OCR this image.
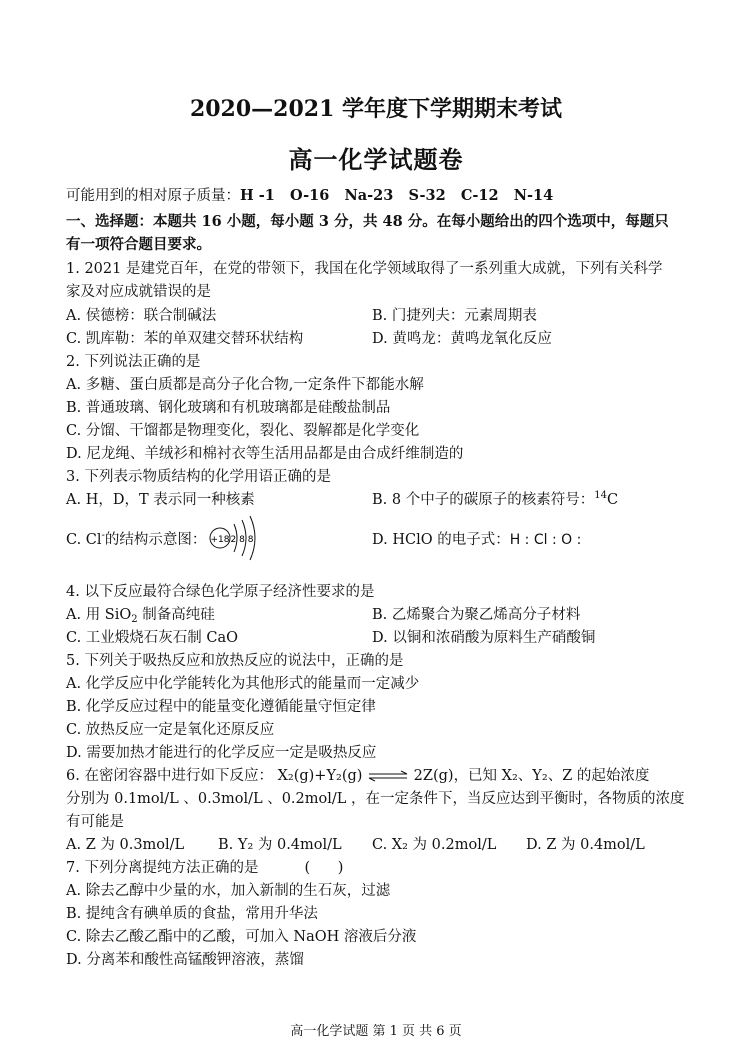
2020—2021 学年度下学期期末考试
高一化学试题卷
可能用到的相对原子质量：H -1   O-16   Na-23   S-32   C-12   N-14
一、选择题：本题共 16 小题，每小题 3 分，共 48 分。在每小题给出的四个选项中，每题只
有一项符合题目要求。
1. 2021 是建党百年，在党的带领下，我国在化学领域取得了一系列重大成就，下列有关科学
家及对应成就错误的是
A. 侯德榜：联合制碱法	B. 门捷列夫：元素周期表
C. 凯库勒：苯的单双建交替环状结构	D. 黄鸣龙：黄鸣龙氧化反应
2. 下列说法正确的是
A. 多糖、蛋白质都是高分子化合物,一定条件下都能水解
B. 普通玻璃、钢化玻璃和有机玻璃都是硅酸盐制品
C. 分馏、干馏都是物理变化，裂化、裂解都是化学变化
D. 尼龙绳、羊绒衫和棉衬衣等生活用品都是由合成纤维制造的
3. 下列表示物质结构的化学用语正确的是
A. H，D，T 表示同一种核素	B. 8 个中子的碳原子的核素符号：$^{14}$C
C. Cl-的结构示意图： +18 2 8 8	D. HClO 的电子式：H : Cl : O :
4. 以下反应最符合绿色化学原子经济性要求的是
A. 用 SiO$_2$ 制备高纯硅	B. 乙烯聚合为聚乙烯高分子材料
C. 工业煅烧石灰石制 CaO	D. 以铜和浓硝酸为原料生产硝酸铜
5. 下列关于吸热反应和放热反应的说法中，正确的是
A. 化学反应中化学能转化为其他形式的能量而一定减少
B. 化学反应过程中的能量变化遵循能量守恒定律
C. 放热反应一定是氧化还原反应
D. 需要加热才能进行的化学反应一定是吸热反应
6. 在密闭容器中进行如下反应： X₂(g)+Y₂(g) ⇌ 2Z(g)，已知 X₂、Y₂、Z 的起始浓度
分别为 0.1mol/L 、0.3mol/L 、0.2mol/L ，在一定条件下，当反应达到平衡时，各物质的浓度
有可能是
A. Z 为 0.3mol/L B. Y₂ 为 0.4mol/L C. X₂ 为 0.2mol/L D. Z 为 0.4mol/L
7. 下列分离提纯方法正确的是	(      )
A. 除去乙醇中少量的水，加入新制的生石灰，过滤
B. 提纯含有碘单质的食盐，常用升华法
C. 除去乙酸乙酯中的乙酸，可加入 NaOH 溶液后分液
D. 分离苯和酸性高锰酸钾溶液，蒸馏
高一化学试题 第 1 页 共 6 页
